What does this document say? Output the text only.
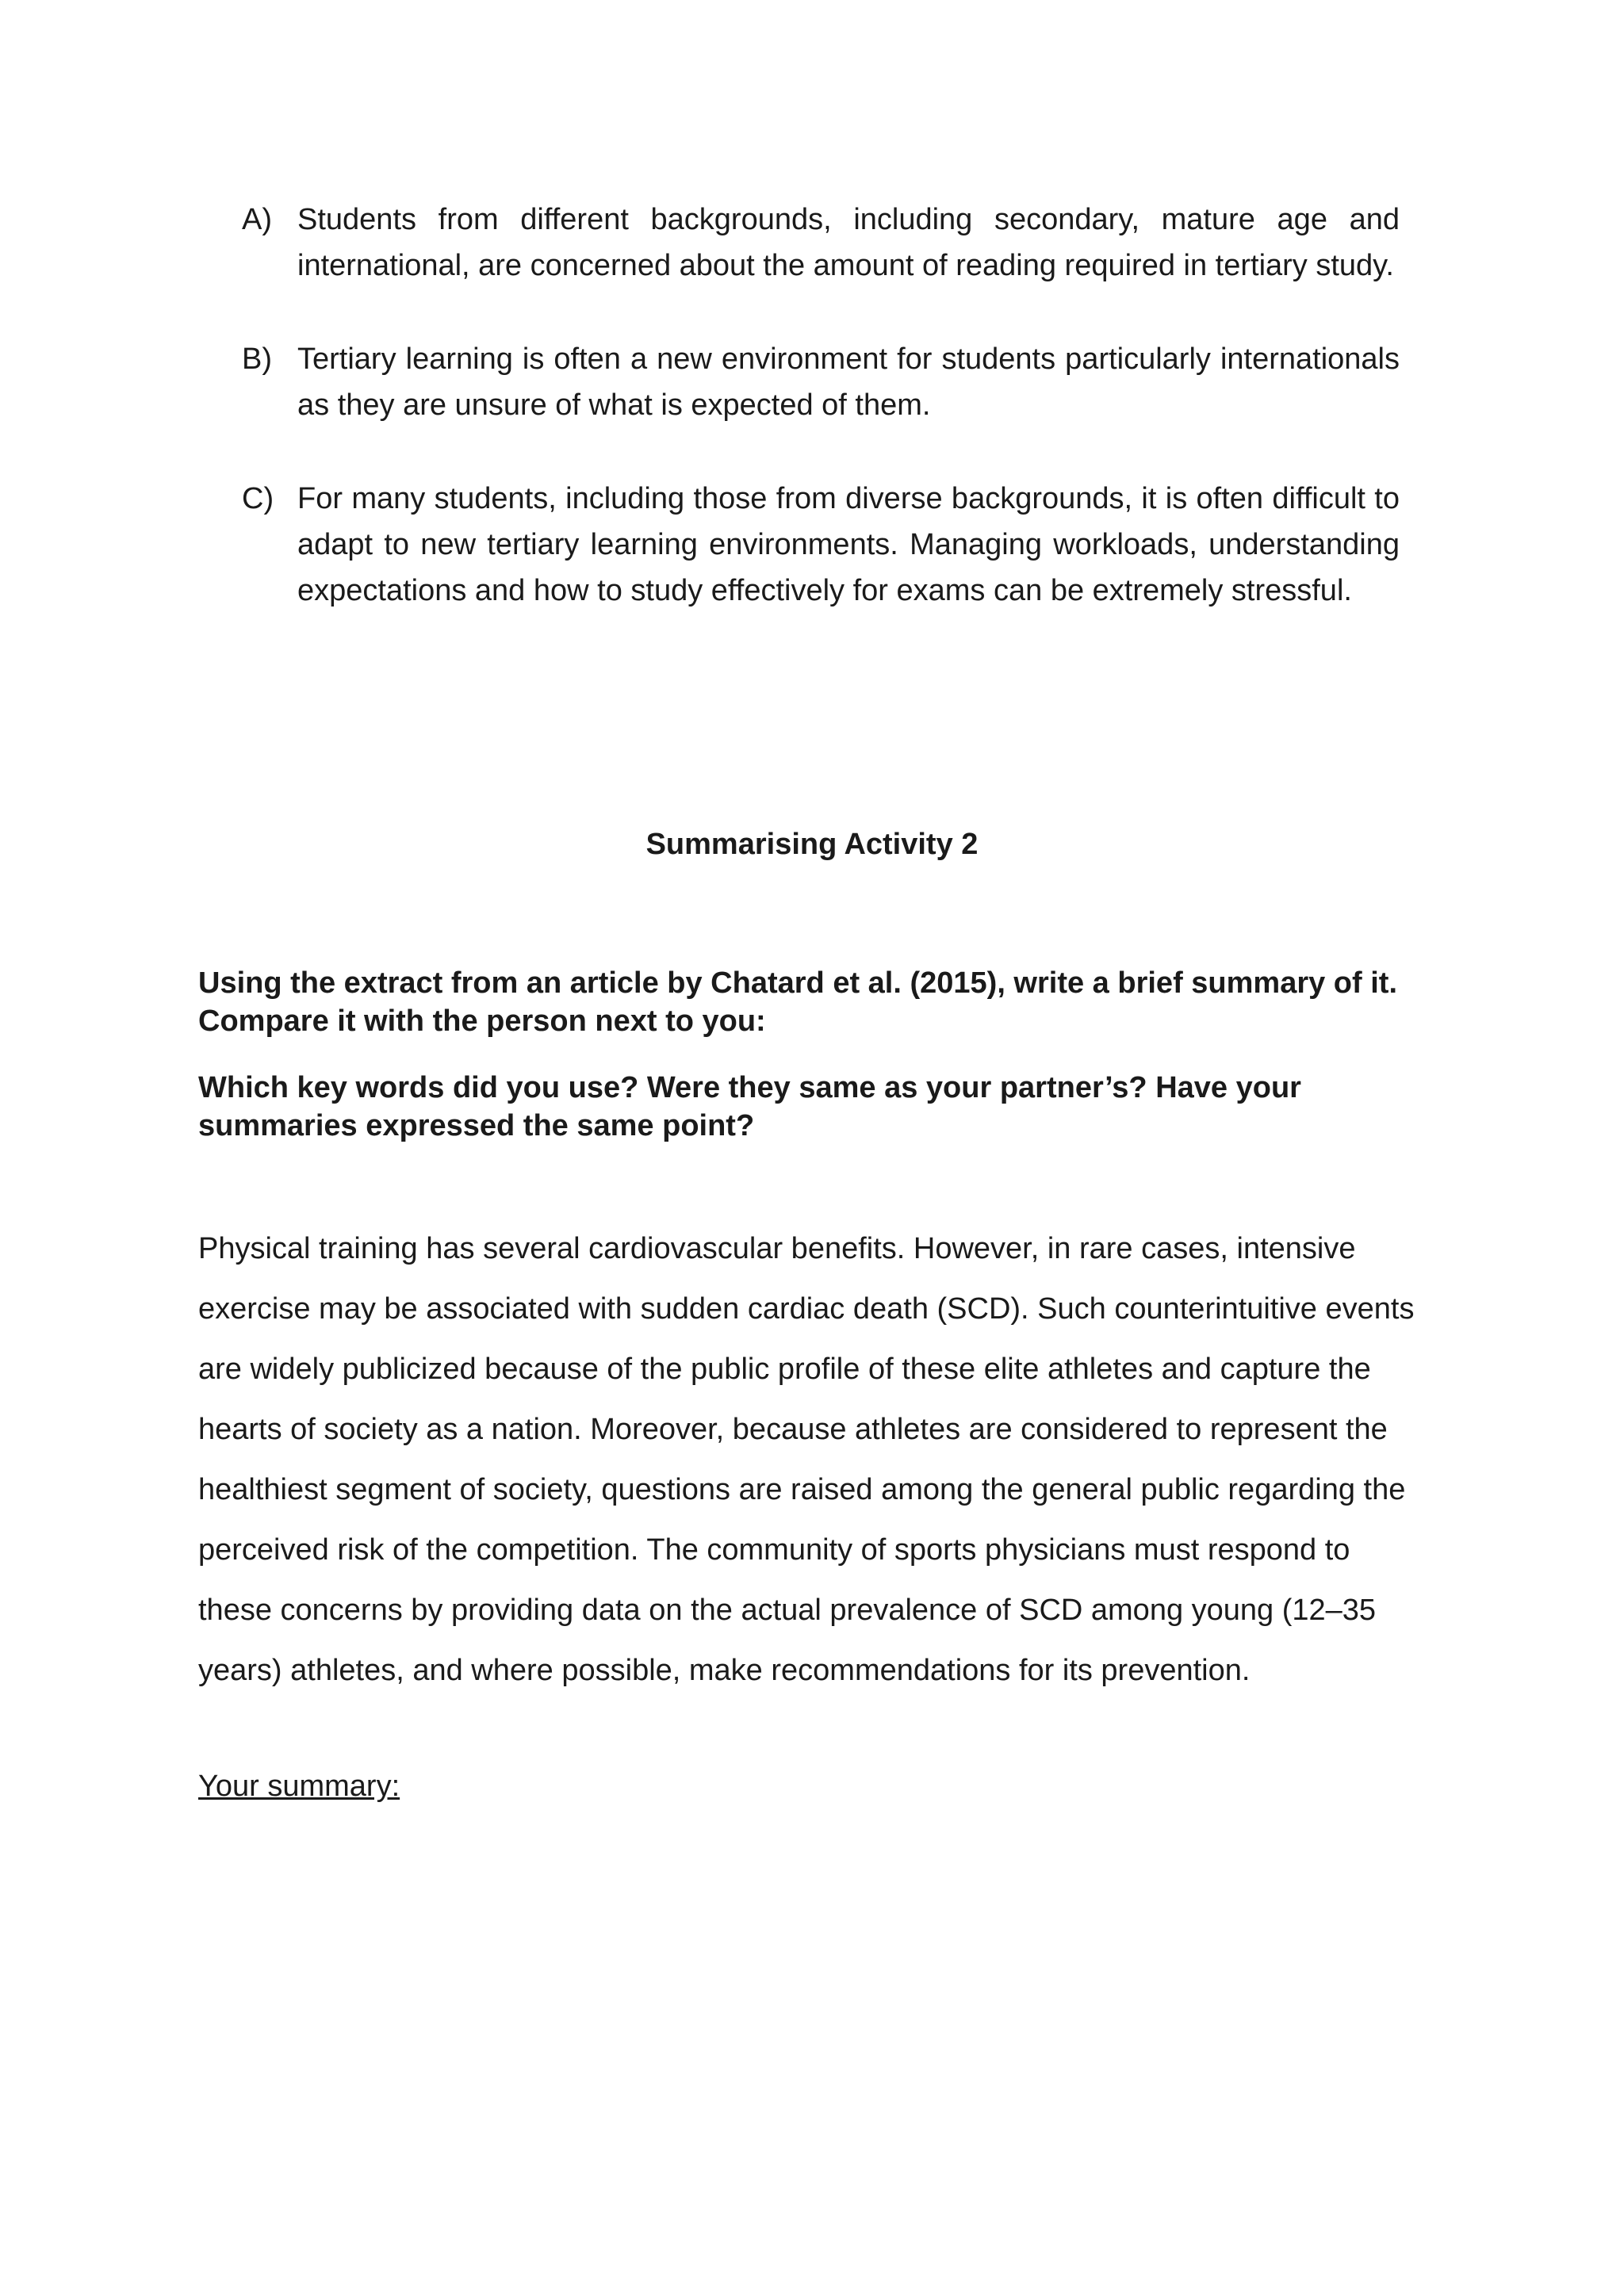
A) Students from different backgrounds, including secondary, mature age and international, are concerned about the amount of reading required in tertiary study.
B) Tertiary learning is often a new environment for students particularly internationals as they are unsure of what is expected of them.
C) For many students, including those from diverse backgrounds, it is often difficult to adapt to new tertiary learning environments. Managing workloads, understanding expectations and how to study effectively for exams can be extremely stressful.
Summarising Activity 2

Using the extract from an article by Chatard et al. (2015), write a brief summary of it. Compare it with the person next to you:

Which key words did you use? Were they same as your partner’s? Have your summaries expressed the same point?

Physical training has several cardiovascular benefits. However, in rare cases, intensive exercise may be associated with sudden cardiac death (SCD). Such counterintuitive events are widely publicized because of the public profile of these elite athletes and capture the hearts of society as a nation. Moreover, because athletes are considered to represent the healthiest segment of society, questions are raised among the general public regarding the perceived risk of the competition. The community of sports physicians must respond to these concerns by providing data on the actual prevalence of SCD among young (12–35 years) athletes, and where possible, make recommendations for its prevention.

Your summary:
